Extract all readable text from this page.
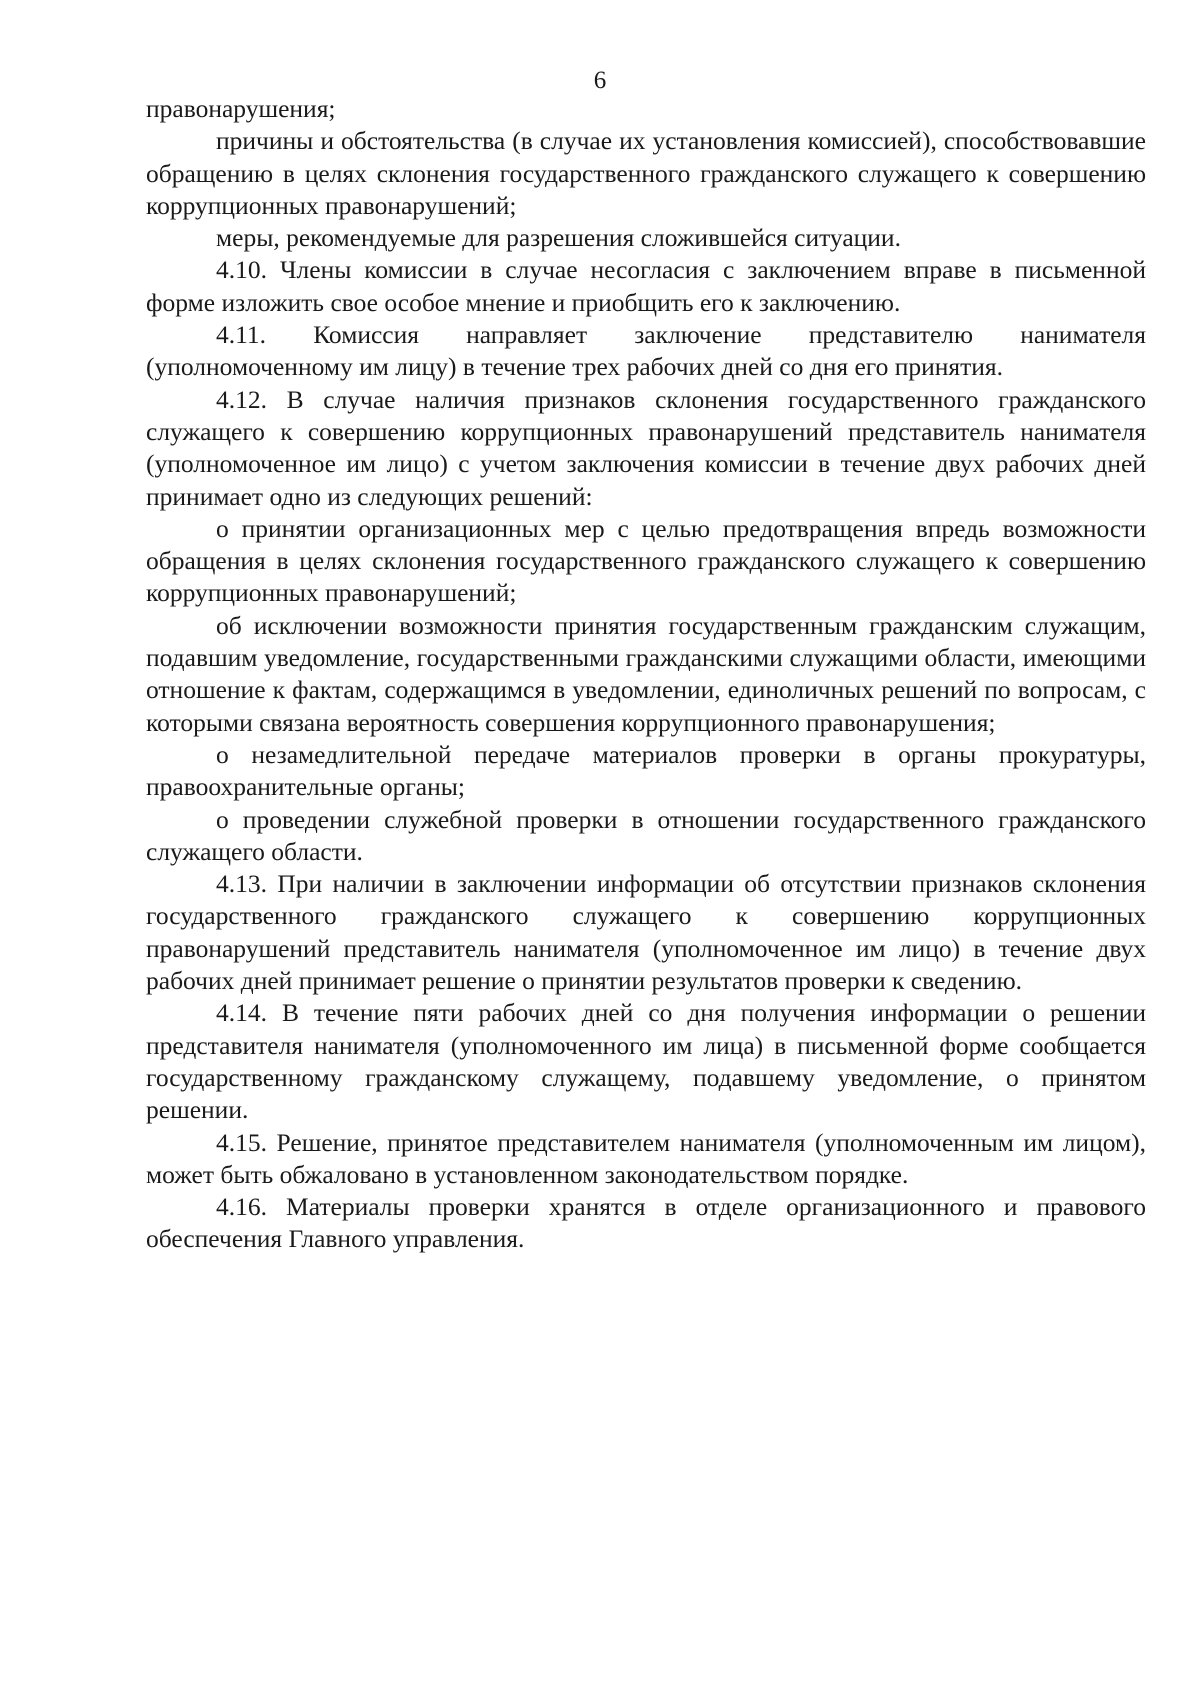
6

правонарушения;

причины и обстоятельства (в случае их установления комиссией), способствовавшие обращению в целях склонения государственного гражданского служащего к совершению коррупционных правонарушений;

меры, рекомендуемые для разрешения сложившейся ситуации.

4.10. Члены комиссии в случае несогласия с заключением вправе в письменной форме изложить свое особое мнение и приобщить его к заключению.

4.11. Комиссия направляет заключение представителю нанимателя (уполномоченному им лицу) в течение трех рабочих дней со дня его принятия.

4.12. В случае наличия признаков склонения государственного гражданского служащего к совершению коррупционных правонарушений представитель нанимателя (уполномоченное им лицо) с учетом заключения комиссии в течение двух рабочих дней принимает одно из следующих решений:

о принятии организационных мер с целью предотвращения впредь возможности обращения в целях склонения государственного гражданского служащего к совершению коррупционных правонарушений;

об исключении возможности принятия государственным гражданским служащим, подавшим уведомление, государственными гражданскими служащими области, имеющими отношение к фактам, содержащимся в уведомлении, единоличных решений по вопросам, с которыми связана вероятность совершения коррупционного правонарушения;

о незамедлительной передаче материалов проверки в органы прокуратуры, правоохранительные органы;

о проведении служебной проверки в отношении государственного гражданского служащего области.

4.13. При наличии в заключении информации об отсутствии признаков склонения государственного гражданского служащего к совершению коррупционных правонарушений представитель нанимателя (уполномоченное им лицо) в течение двух рабочих дней принимает решение о принятии результатов проверки к сведению.

4.14. В течение пяти рабочих дней со дня получения информации о решении представителя нанимателя (уполномоченного им лица) в письменной форме сообщается государственному гражданскому служащему, подавшему уведомление, о принятом решении.

4.15. Решение, принятое представителем нанимателя (уполномоченным им лицом), может быть обжаловано в установленном законодательством порядке.

4.16. Материалы проверки хранятся в отделе организационного и правового обеспечения Главного управления.
